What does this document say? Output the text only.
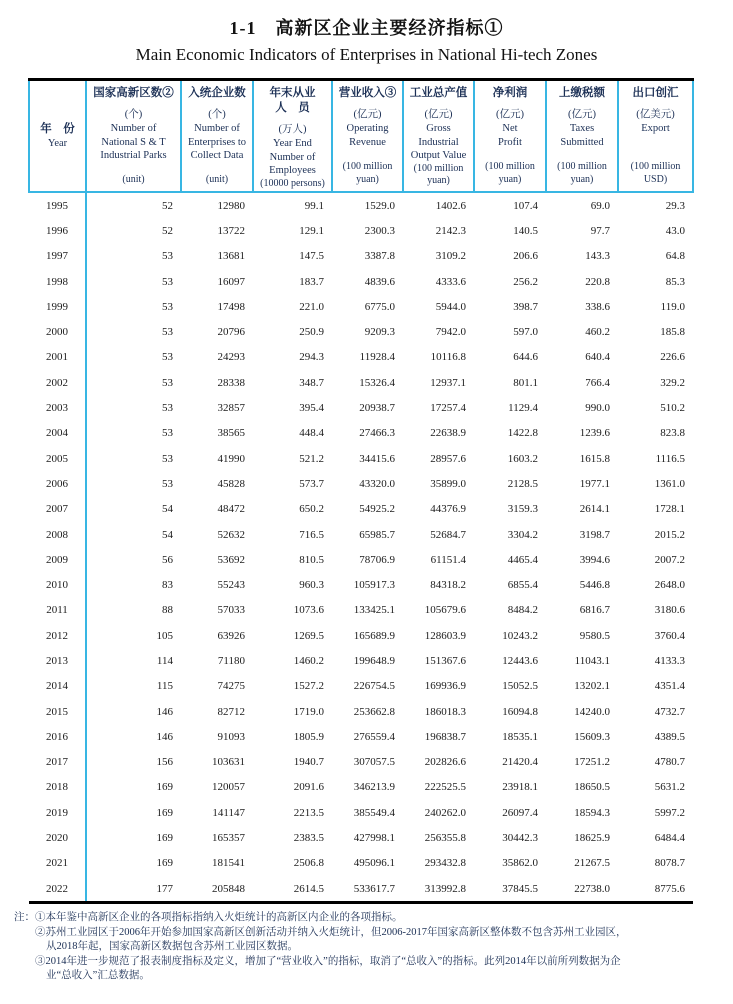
1-1　高新区企业主要经济指标①
Main Economic Indicators of Enterprises in National Hi-tech Zones
年　份
Year

国家高新区数②
(个)
Number of
National S & T
Industrial Parks
(unit)

入统企业数
(个)
Number of
Enterprises to
Collect Data
(unit)

年末从业
人　员
(万人)
Year End
Number of
Employees
(10000 persons)

营业收入③
(亿元)
Operating
Revenue
(100 million
yuan)

工业总产值
(亿元)
Gross
Industrial
Output Value
(100 million
yuan)

净利润
(亿元)
Net
Profit
(100 million
yuan)

上缴税额
(亿元)
Taxes
Submitted
(100 million
yuan)

出口创汇
(亿美元)
Export
(100 million
USD)

1995	52	12980	99.1	1529.0	1402.6	107.4	69.0	29.3
1996	52	13722	129.1	2300.3	2142.3	140.5	97.7	43.0
1997	53	13681	147.5	3387.8	3109.2	206.6	143.3	64.8
1998	53	16097	183.7	4839.6	4333.6	256.2	220.8	85.3
1999	53	17498	221.0	6775.0	5944.0	398.7	338.6	119.0
2000	53	20796	250.9	9209.3	7942.0	597.0	460.2	185.8
2001	53	24293	294.3	11928.4	10116.8	644.6	640.4	226.6
2002	53	28338	348.7	15326.4	12937.1	801.1	766.4	329.2
2003	53	32857	395.4	20938.7	17257.4	1129.4	990.0	510.2
2004	53	38565	448.4	27466.3	22638.9	1422.8	1239.6	823.8
2005	53	41990	521.2	34415.6	28957.6	1603.2	1615.8	1116.5
2006	53	45828	573.7	43320.0	35899.0	2128.5	1977.1	1361.0
2007	54	48472	650.2	54925.2	44376.9	3159.3	2614.1	1728.1
2008	54	52632	716.5	65985.7	52684.7	3304.2	3198.7	2015.2
2009	56	53692	810.5	78706.9	61151.4	4465.4	3994.6	2007.2
2010	83	55243	960.3	105917.3	84318.2	6855.4	5446.8	2648.0
2011	88	57033	1073.6	133425.1	105679.6	8484.2	6816.7	3180.6
2012	105	63926	1269.5	165689.9	128603.9	10243.2	9580.5	3760.4
2013	114	71180	1460.2	199648.9	151367.6	12443.6	11043.1	4133.3
2014	115	74275	1527.2	226754.5	169936.9	15052.5	13202.1	4351.4
2015	146	82712	1719.0	253662.8	186018.3	16094.8	14240.0	4732.7
2016	146	91093	1805.9	276559.4	196838.7	18535.1	15609.3	4389.5
2017	156	103631	1940.7	307057.5	202826.6	21420.4	17251.2	4780.7
2018	169	120057	2091.6	346213.9	222525.5	23918.1	18650.5	5631.2
2019	169	141147	2213.5	385549.4	240262.0	26097.4	18594.3	5997.2
2020	169	165357	2383.5	427998.1	256355.8	30442.3	18625.9	6484.4
2021	169	181541	2506.8	495096.1	293432.8	35862.0	21267.5	8078.7
2022	177	205848	2614.5	533617.7	313992.8	37845.5	22738.0	8775.6
注：①本年鉴中高新区企业的各项指标指纳入火炬统计的高新区内企业的各项指标。
②苏州工业园区于2006年开始参加国家高新区创新活动并纳入火炬统计，但2006-2017年国家高新区整体数不包含苏州工业园区，
从2018年起，国家高新区数据包含苏州工业园区数据。
③2014年进一步规范了报表制度指标及定义，增加了“营业收入”的指标，取消了“总收入”的指标。此列2014年以前所列数据为企
业“总收入”汇总数据。
